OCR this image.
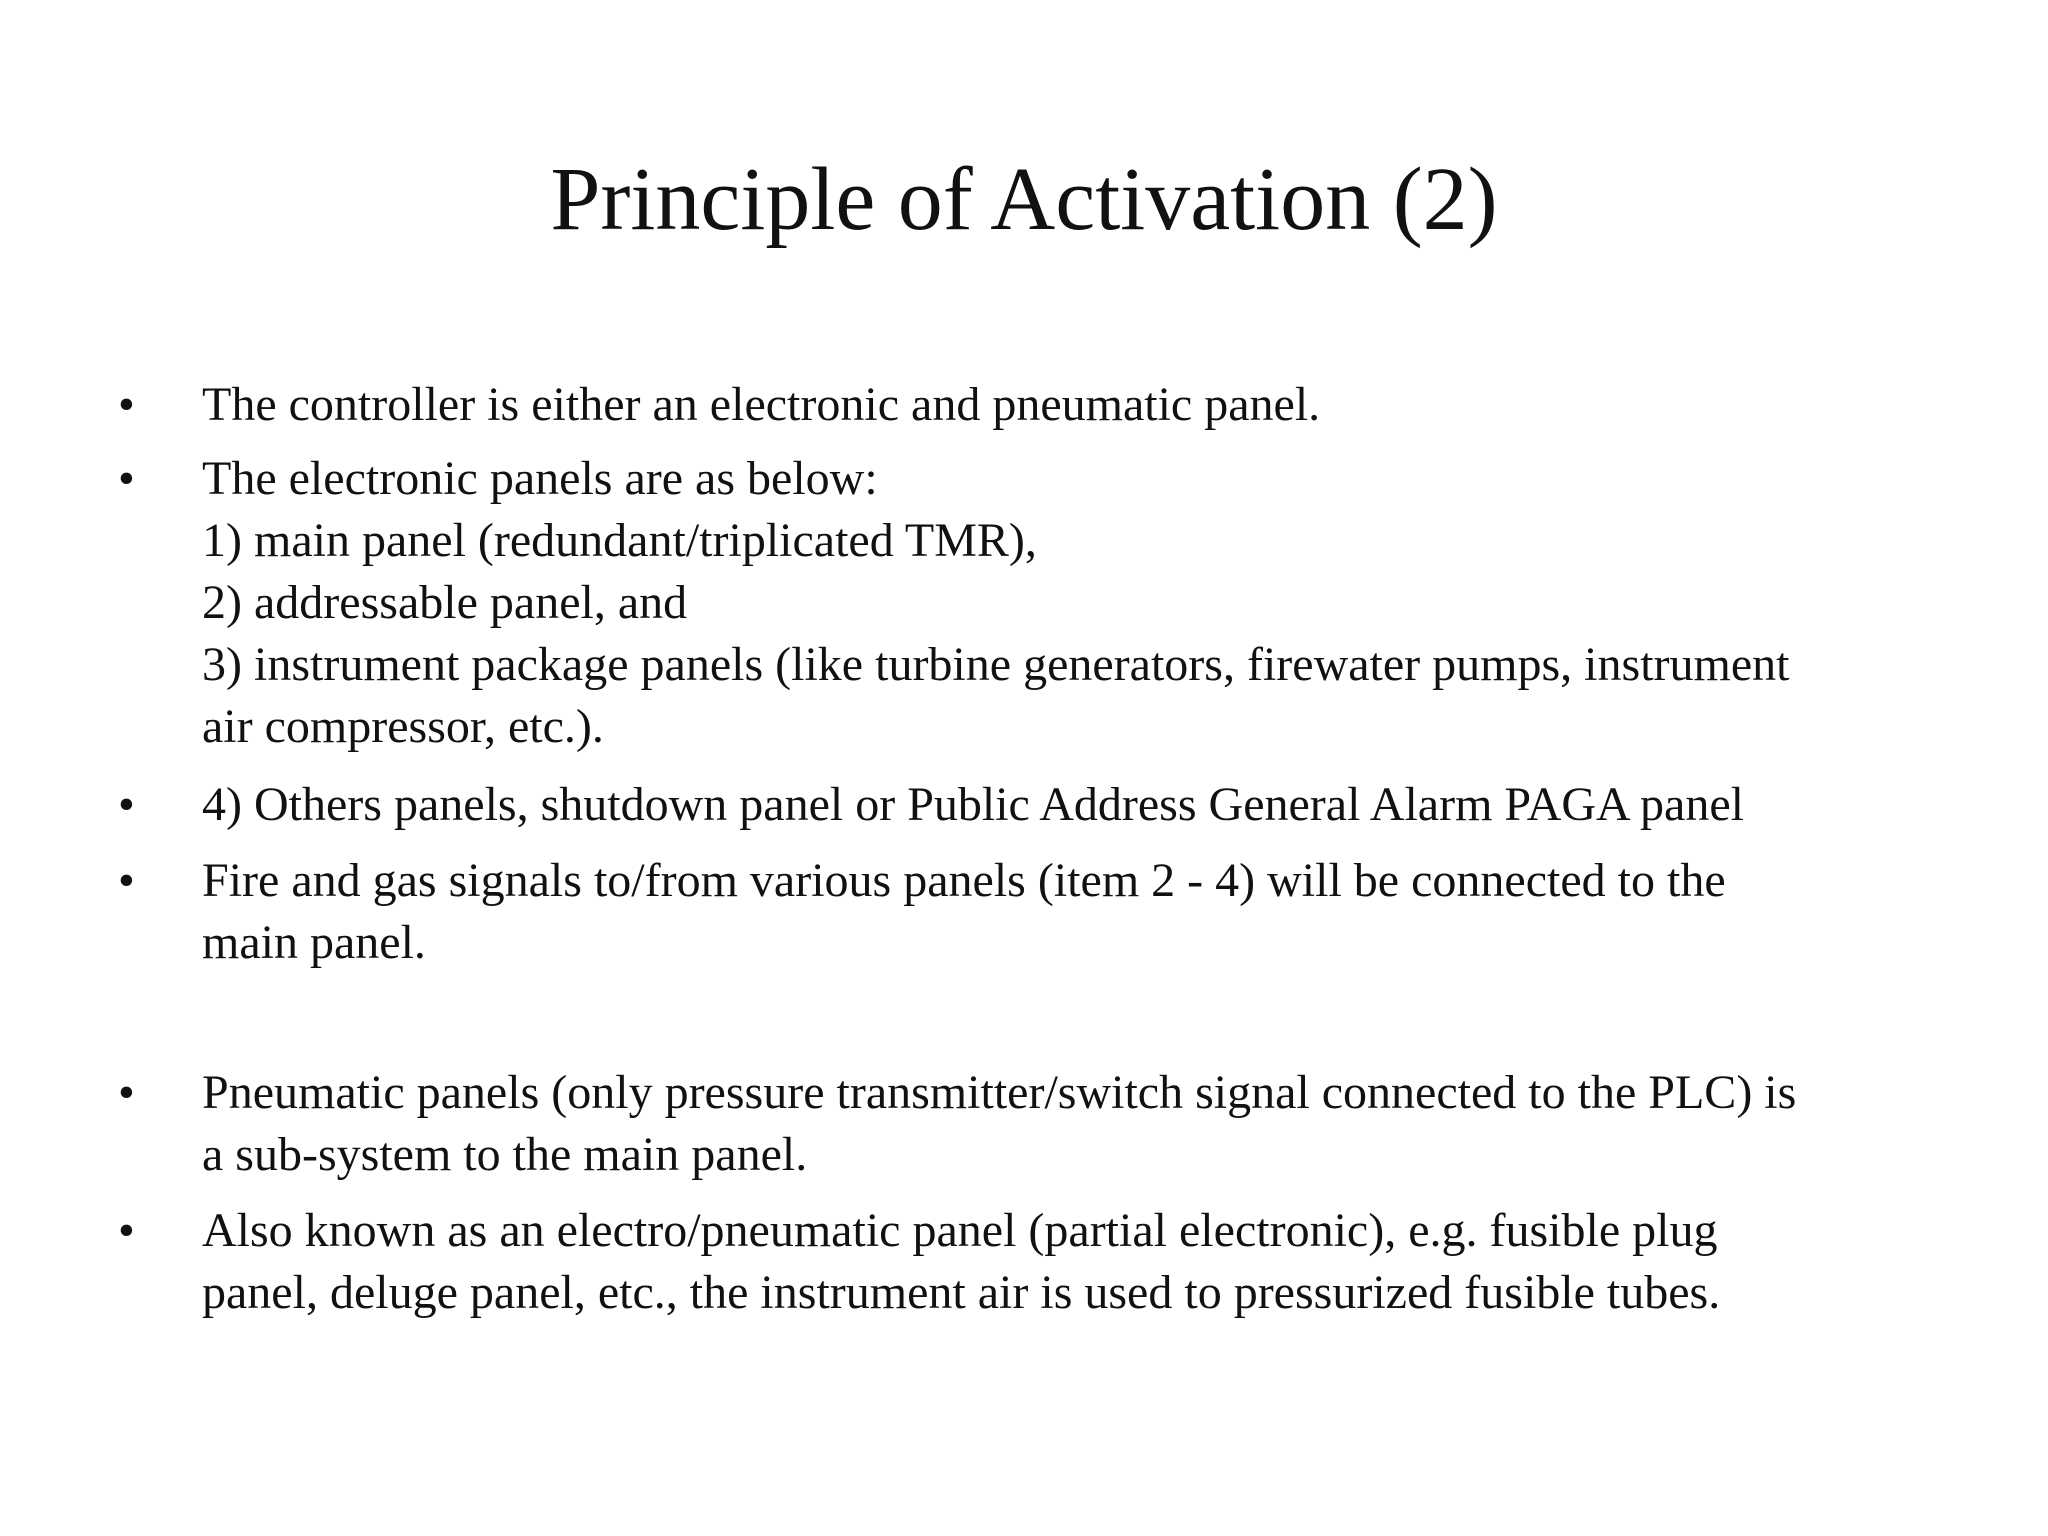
Principle of Activation (2)
• The controller is either an electronic and pneumatic panel.
• The electronic panels are as below:
1) main panel (redundant/triplicated TMR),
2) addressable panel, and
3) instrument package panels (like turbine generators, firewater pumps, instrument
air compressor, etc.).
• 4) Others panels, shutdown panel or Public Address General Alarm PAGA panel
• Fire and gas signals to/from various panels (item 2 - 4) will be connected to the
main panel.
• Pneumatic panels (only pressure transmitter/switch signal connected to the PLC) is
a sub-system to the main panel.
• Also known as an electro/pneumatic panel (partial electronic), e.g. fusible plug
panel, deluge panel, etc., the instrument air is used to pressurized fusible tubes.
